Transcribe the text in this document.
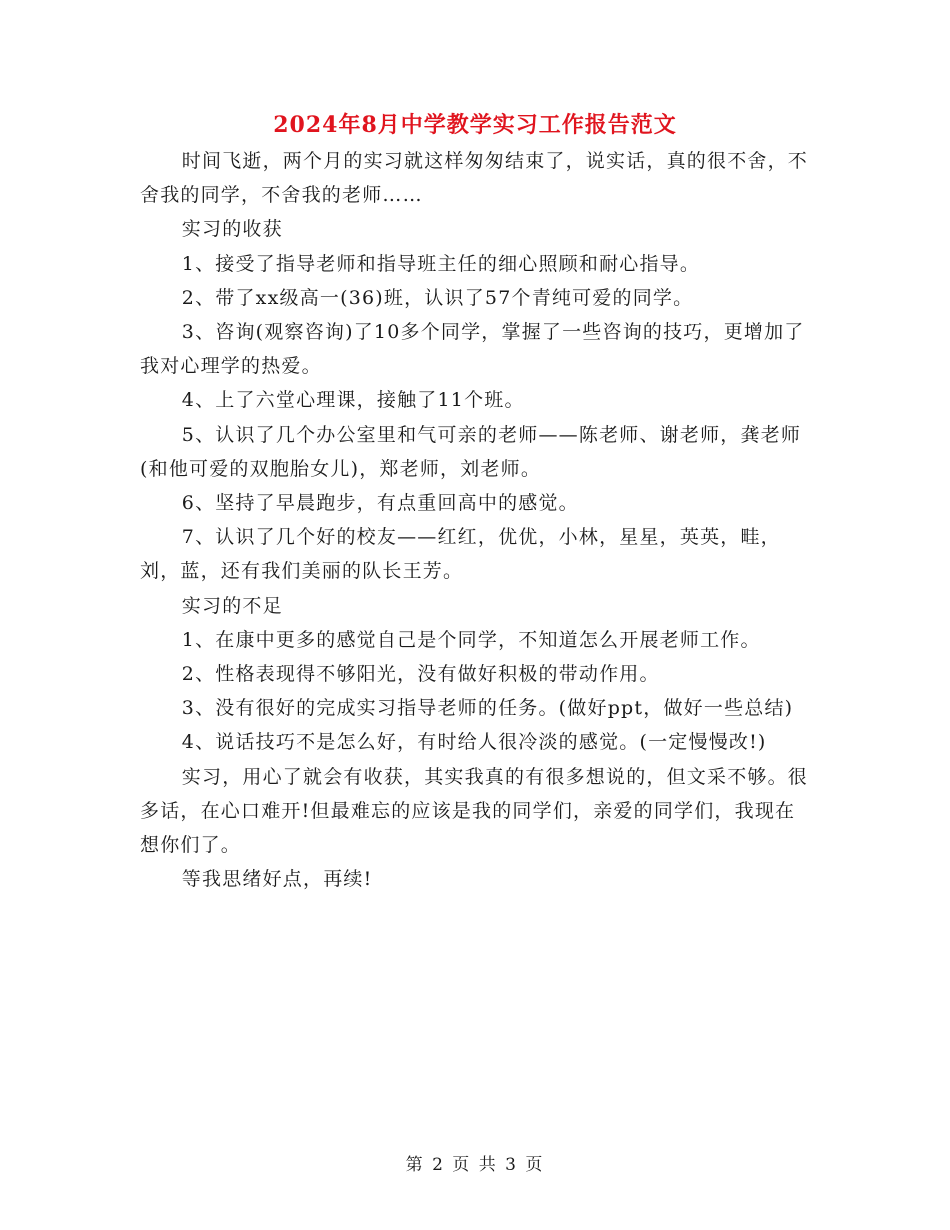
2024年8月中学教学实习工作报告范文

时间飞逝，两个月的实习就这样匆匆结束了，说实话，真的很不舍，不舍我的同学，不舍我的老师……

实习的收获

1、接受了指导老师和指导班主任的细心照顾和耐心指导。

2、带了xx级高一(36)班，认识了57个青纯可爱的同学。

3、咨询(观察咨询)了10多个同学，掌握了一些咨询的技巧，更增加了我对心理学的热爱。

4、上了六堂心理课，接触了11个班。

5、认识了几个办公室里和气可亲的老师——陈老师、谢老师，龚老师(和他可爱的双胞胎女儿)，郑老师，刘老师。

6、坚持了早晨跑步，有点重回高中的感觉。

7、认识了几个好的校友——红红，优优，小林，星星，英英，畦，刘，蓝，还有我们美丽的队长王芳。

实习的不足

1、在康中更多的感觉自己是个同学，不知道怎么开展老师工作。

2、性格表现得不够阳光，没有做好积极的带动作用。

3、没有很好的完成实习指导老师的任务。(做好ppt，做好一些总结)

4、说话技巧不是怎么好，有时给人很冷淡的感觉。(一定慢慢改!)

实习，用心了就会有收获，其实我真的有很多想说的，但文采不够。很多话，在心口难开!但最难忘的应该是我的同学们，亲爱的同学们，我现在想你们了。

等我思绪好点，再续!

第 2 页 共 3 页
